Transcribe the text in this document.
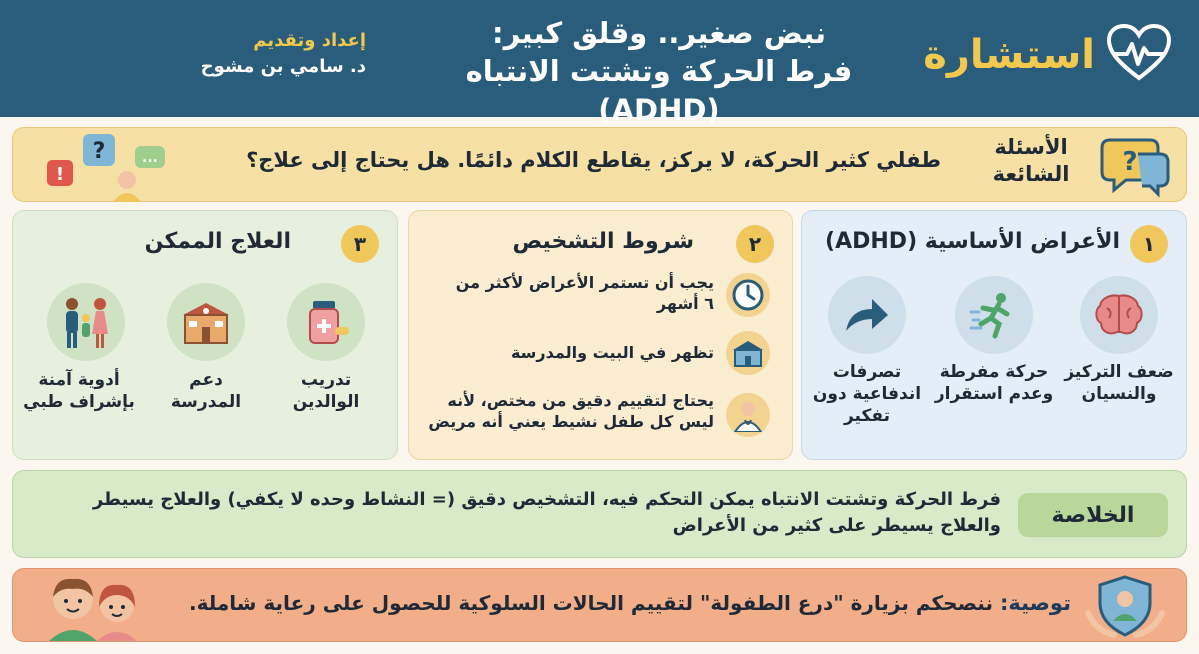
استشارة
نبض صغير.. وقلق كبير:
فرط الحركة وتشتت الانتباه (ADHD)
إعداد وتقديم
د. سامي بن مشوح
?
الأسئلة
الشائعة
طفلي كثير الحركة، لا يركز، يقاطع الكلام دائمًا. هل يحتاج إلى علاج؟
!
?	...
١
الأعراض الأساسية (ADHD)
ضعف التركيز
والنسيان
حركة مفرطة
وعدم استقرار
تصرفات
اندفاعية دون
تفكير
٢
شروط التشخيص
يجب أن تستمر الأعراض لأكثر من
٦ أشهر
تظهر في البيت والمدرسة
يحتاج لتقييم دقيق من مختص، لأنه
ليس كل طفل نشيط يعني أنه مريض
٣
العلاج الممكن
تدريب
الوالدين
دعم
المدرسة
أدوية آمنة
بإشراف طبي
الخلاصة
فرط الحركة وتشتت الانتباه يمكن التحكم فيه، التشخيص دقيق (= النشاط وحده لا يكفي) والعلاج يسيطر
والعلاج يسيطر على كثير من الأعراض
توصية: ننصحكم بزيارة "درع الطفولة" لتقييم الحالات السلوكية للحصول على رعاية شاملة.
